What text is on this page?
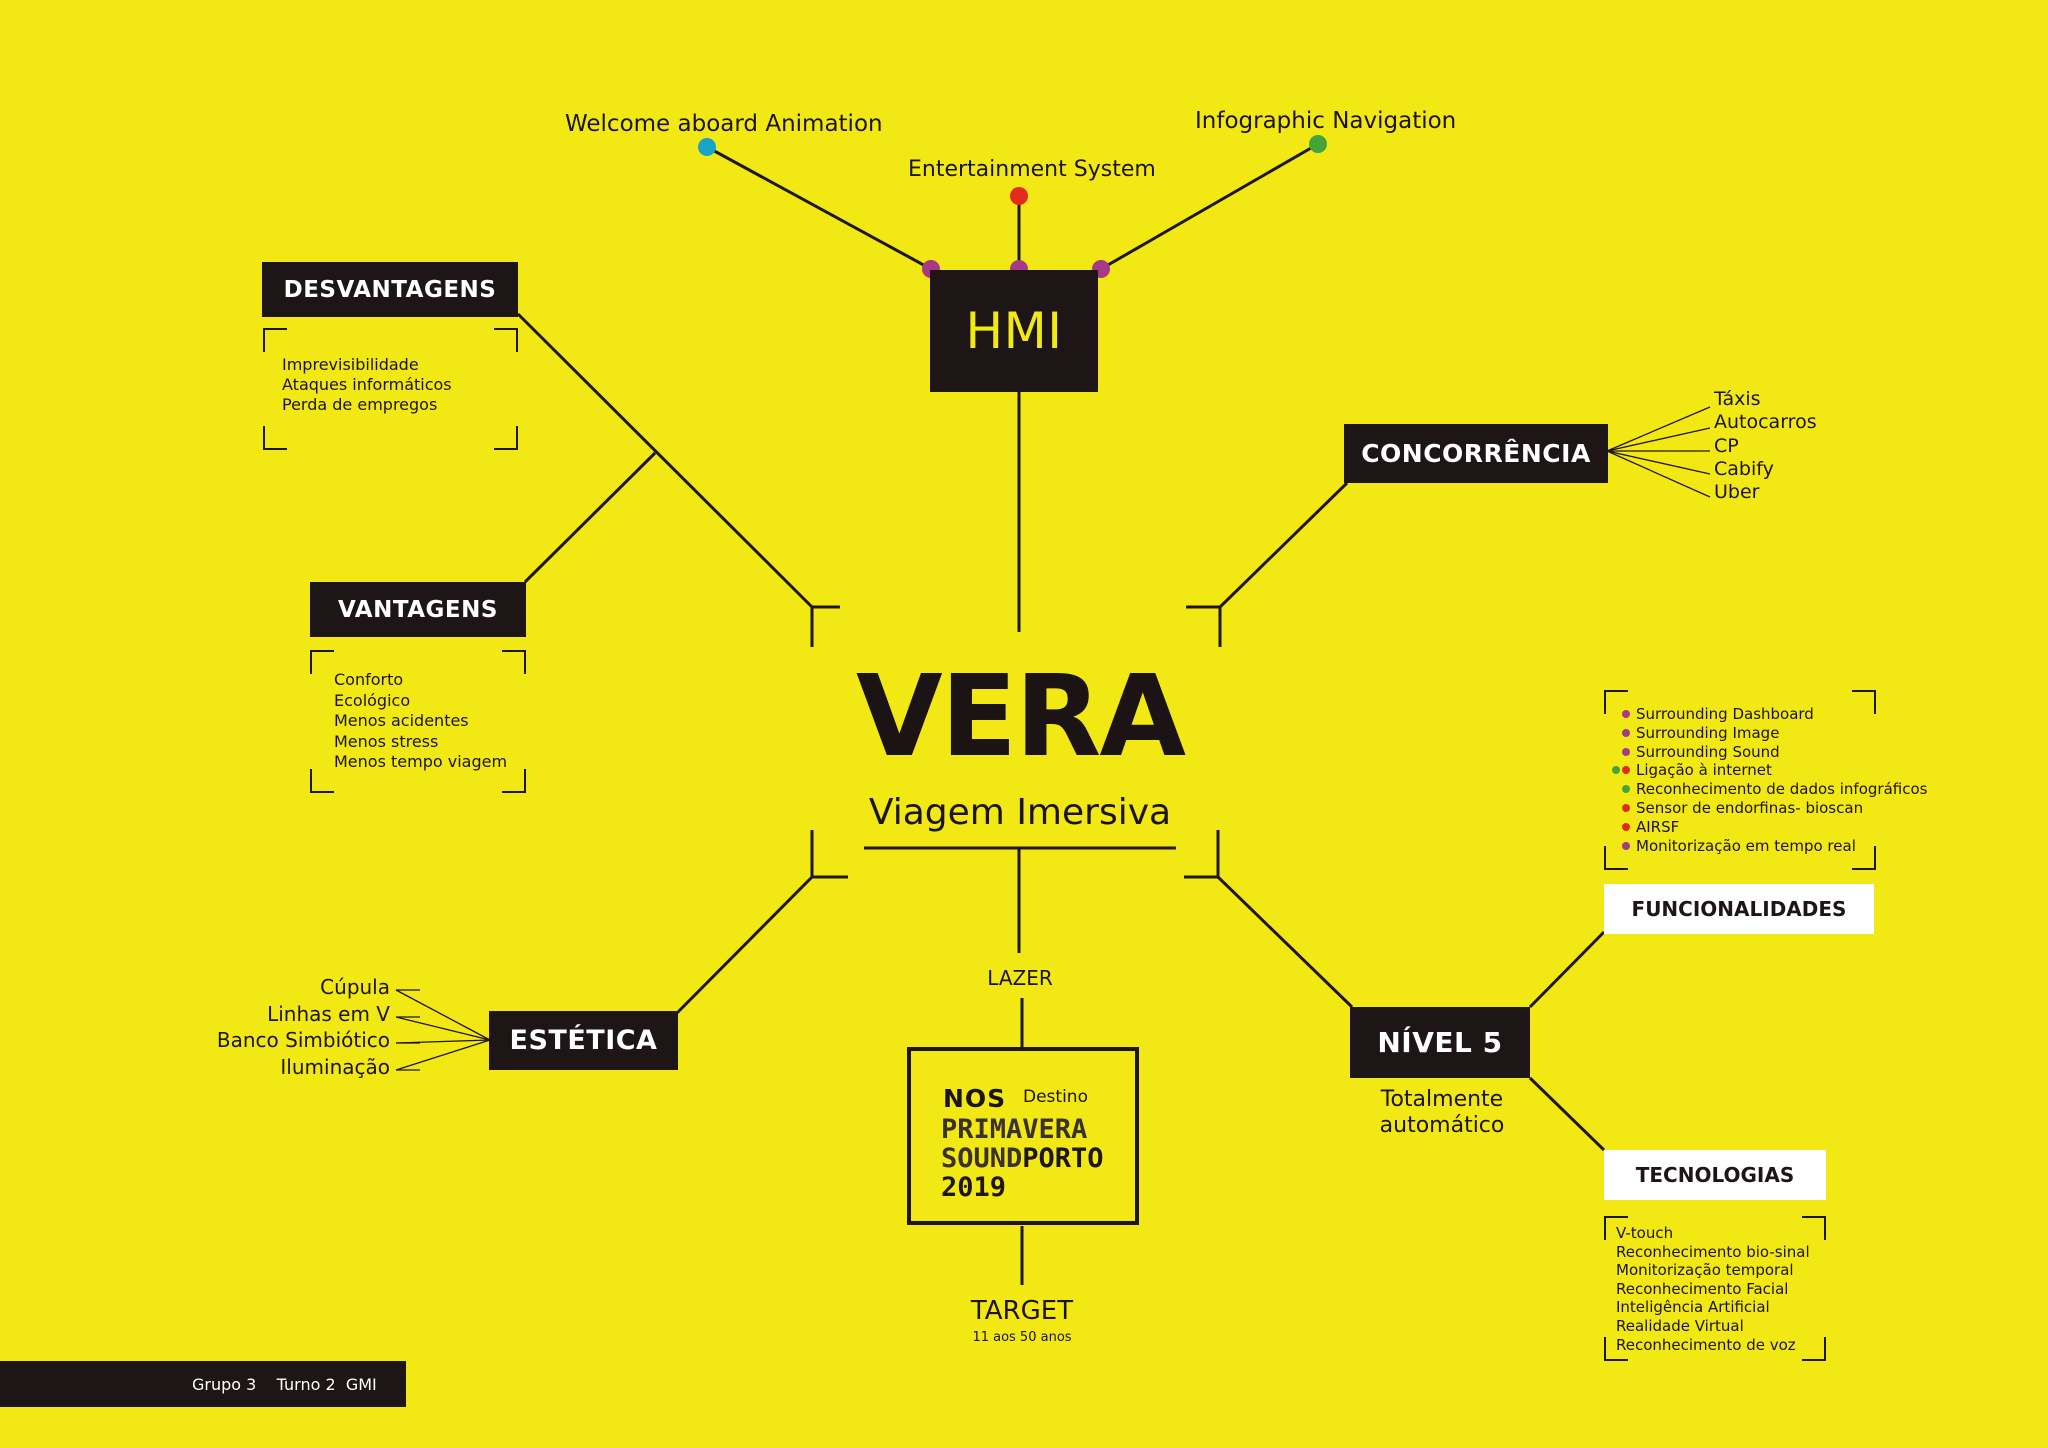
Welcome aboard Animation
Entertainment System
Infographic Navigation
HMI
DESVANTAGENS
Imprevisibilidade
Ataques informáticos
Perda de empregos
VANTAGENS
Conforto
Ecológico
Menos acidentes
Menos stress
Menos tempo viagem
CONCORRÊNCIA
Táxis
Autocarros
CP
Cabify
Uber
VERA
Viagem Imersiva
Surrounding Dashboard
Surrounding Image
Surrounding Sound
Ligação à internet
Reconhecimento de dados infográficos
Sensor de endorfinas- bioscan
AIRSF
Monitorização em tempo real
FUNCIONALIDADES
Cúpula
Linhas em V
Banco Simbiótico
Iluminação
ESTÉTICA	NÍVEL 5
Totalmente
automático
TECNOLOGIAS
V-touch
Reconhecimento bio-sinal
Monitorização temporal
Reconhecimento Facial
Inteligência Artificial
Realidade Virtual
Reconhecimento de voz
LAZER
NOS Destino
PRIMAVERA
SOUNDPORTO
2019
TARGET
11 aos 50 anos
Grupo 3    Turno 2  GMI
